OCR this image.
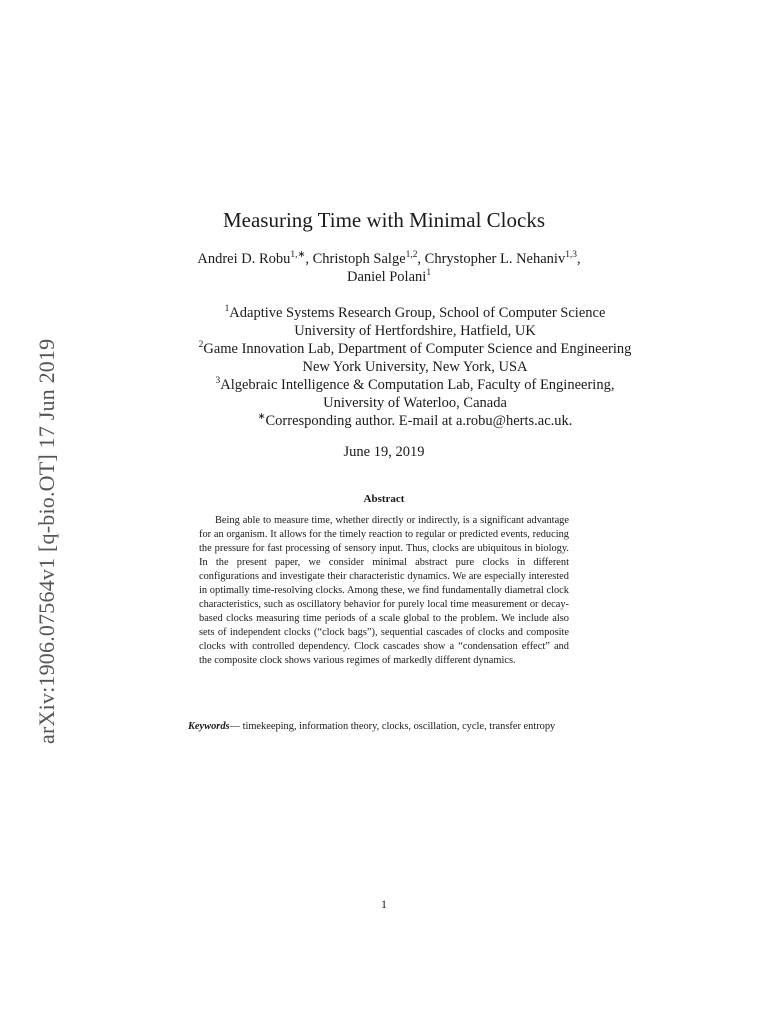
arXiv:1906.07564v1 [q-bio.OT] 17 Jun 2019
Measuring Time with Minimal Clocks
Andrei D. Robu$^{1,∗}$, Christoph Salge$^{1,2}$, Chrystopher L. Nehaniv$^{1,3}$,
Daniel Polani$^1$
$^1$Adaptive Systems Research Group, School of Computer Science
University of Hertfordshire, Hatfield, UK
$^2$Game Innovation Lab, Department of Computer Science and Engineering
New York University, New York, USA
$^3$Algebraic Intelligence & Computation Lab, Faculty of Engineering,
University of Waterloo, Canada
∗Corresponding author. E-mail at a.robu@herts.ac.uk.
June 19, 2019
Abstract
Being able to measure time, whether directly or indirectly, is a significant advantage for an organism. It allows for the timely reaction to regular or predicted events, reducing the pressure for fast processing of sensory input. Thus, clocks are ubiquitous in biology. In the present paper, we consider minimal abstract pure clocks in different configurations and investigate their characteristic dynamics. We are especially interested in optimally time-resolving clocks. Among these, we find fundamentally diametral clock characteristics, such as oscillatory behavior for purely local time measurement or decay-based clocks measuring time periods of a scale global to the problem. We include also sets of independent clocks (“clock bags”), sequential cascades of clocks and composite clocks with controlled dependency. Clock cascades show a “condensation effect” and the composite clock shows various regimes of markedly different dynamics.
Keywords— timekeeping, information theory, clocks, oscillation, cycle, transfer entropy
1
